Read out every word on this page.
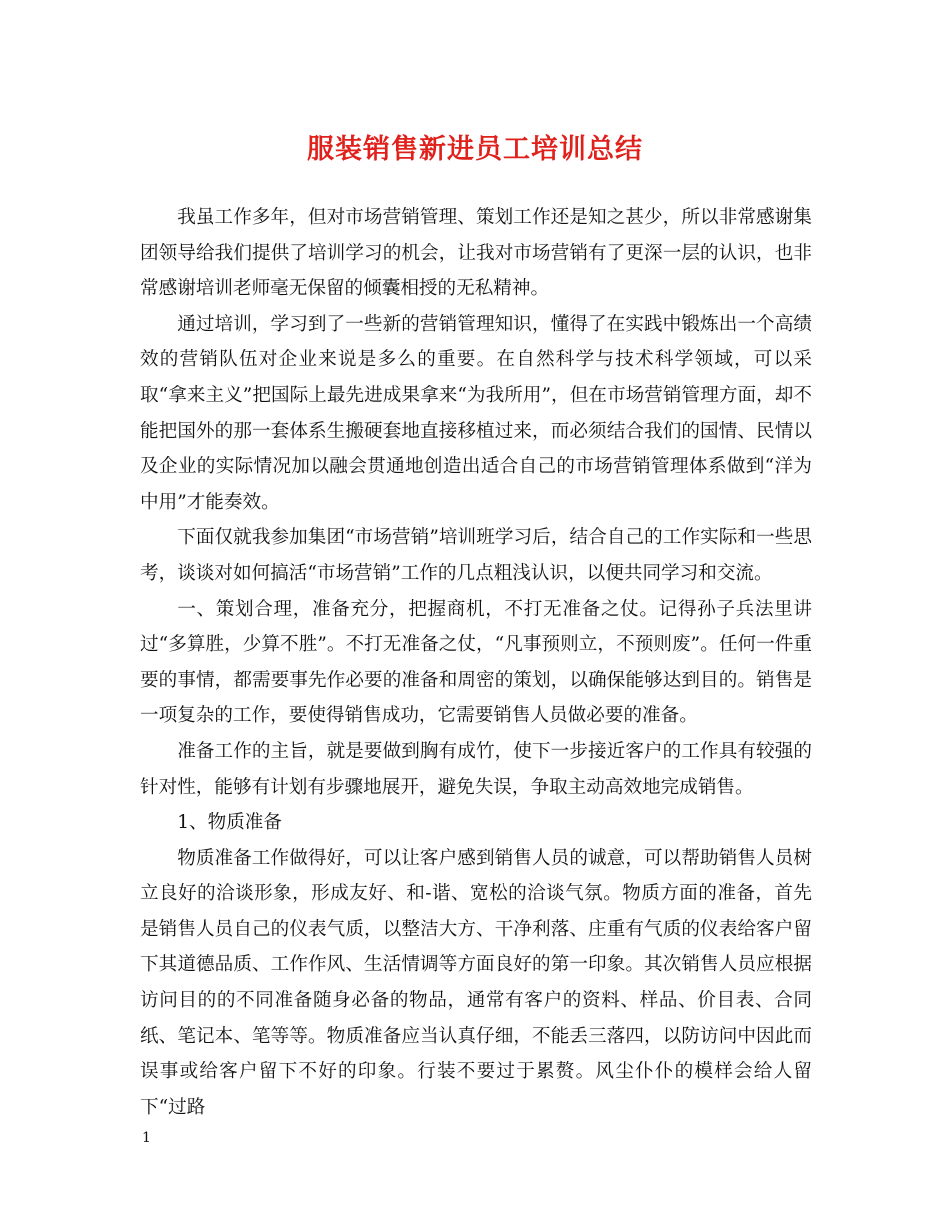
服装销售新进员工培训总结

我虽工作多年，但对市场营销管理、策划工作还是知之甚少，所以非常感谢集团领导给我们提供了培训学习的机会，让我对市场营销有了更深一层的认识，也非常感谢培训老师毫无保留的倾囊相授的无私精神。

通过培训，学习到了一些新的营销管理知识，懂得了在实践中锻炼出一个高绩效的营销队伍对企业来说是多么的重要。在自然科学与技术科学领域，可以采取“拿来主义”把国际上最先进成果拿来“为我所用”，但在市场营销管理方面，却不能把国外的那一套体系生搬硬套地直接移植过来，而必须结合我们的国情、民情以及企业的实际情况加以融会贯通地创造出适合自己的市场营销管理体系做到“洋为中用”才能奏效。

下面仅就我参加集团“市场营销”培训班学习后，结合自己的工作实际和一些思考，谈谈对如何搞活“市场营销”工作的几点粗浅认识，以便共同学习和交流。

一、策划合理，准备充分，把握商机，不打无准备之仗。记得孙子兵法里讲过“多算胜，少算不胜”。不打无准备之仗，“凡事预则立，不预则废”。任何一件重要的事情，都需要事先作必要的准备和周密的策划，以确保能够达到目的。销售是一项复杂的工作，要使得销售成功，它需要销售人员做必要的准备。

准备工作的主旨，就是要做到胸有成竹，使下一步接近客户的工作具有较强的针对性，能够有计划有步骤地展开，避免失误，争取主动高效地完成销售。

1、物质准备

物质准备工作做得好，可以让客户感到销售人员的诚意，可以帮助销售人员树立良好的洽谈形象，形成友好、和-谐、宽松的洽谈气氛。物质方面的准备，首先是销售人员自己的仪表气质，以整洁大方、干净利落、庄重有气质的仪表给客户留下其道德品质、工作作风、生活情调等方面良好的第一印象。其次销售人员应根据访问目的的不同准备随身必备的物品，通常有客户的资料、样品、价目表、合同纸、笔记本、笔等等。物质准备应当认真仔细，不能丢三落四，以防访问中因此而误事或给客户留下不好的印象。行装不要过于累赘。风尘仆仆的模样会给人留下“过路

1
